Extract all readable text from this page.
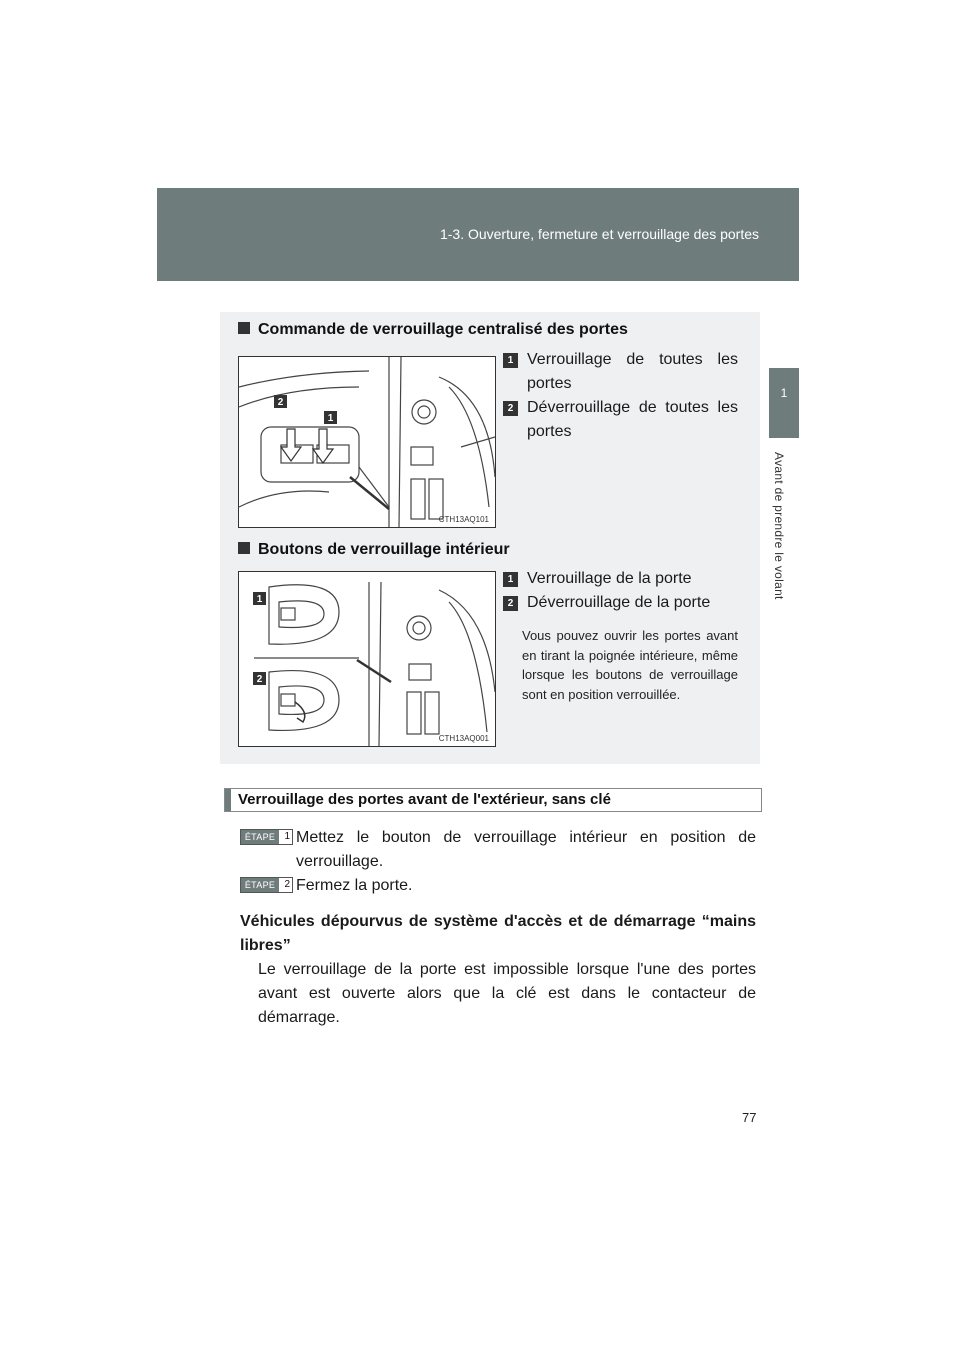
1-3. Ouverture, fermeture et verrouillage des portes
1
Avant de prendre le volant
Commande de verrouillage centralisé des portes
2
1
CTH13AQ101
1 Verrouillage de toutes les portes
2 Déverrouillage de toutes les portes
Boutons de verrouillage intérieur
1
2
CTH13AQ001
1 Verrouillage de la porte
2 Déverrouillage de la porte
Vous pouvez ouvrir les portes avant en tirant la poignée intérieure, même lorsque les boutons de verrouillage sont en position verrouillée.
Verrouillage des portes avant de l'extérieur, sans clé
ÉTAPE 1 Mettez le bouton de verrouillage intérieur en position de verrouillage.
ÉTAPE 2 Fermez la porte.
Véhicules dépourvus de système d'accès et de démarrage “mains libres”
Le verrouillage de la porte est impossible lorsque l'une des portes avant est ouverte alors que la clé est dans le contacteur de démarrage.
77
